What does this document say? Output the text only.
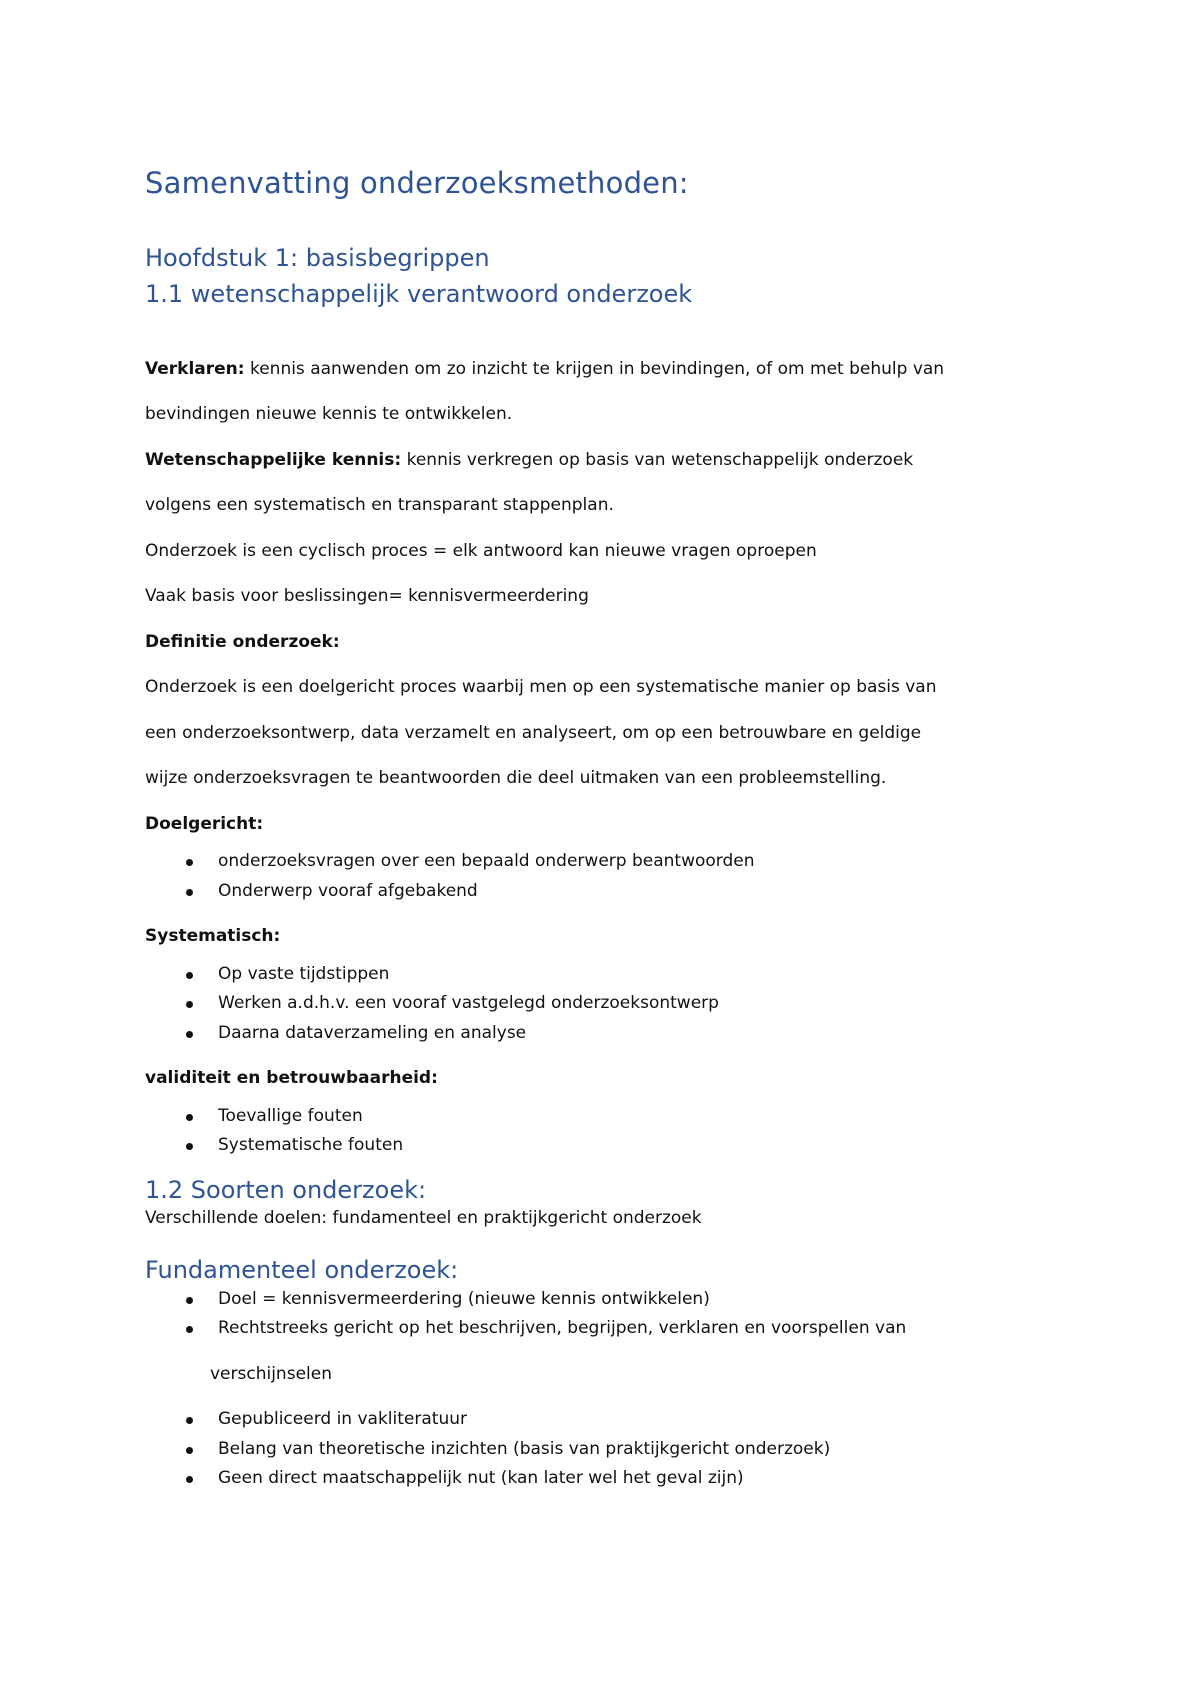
Samenvatting onderzoeksmethoden:
Hoofdstuk 1: basisbegrippen
1.1 wetenschappelijk verantwoord onderzoek

Verklaren: kennis aanwenden om zo inzicht te krijgen in bevindingen, of om met behulp van

bevindingen nieuwe kennis te ontwikkelen.

Wetenschappelijke kennis: kennis verkregen op basis van wetenschappelijk onderzoek

volgens een systematisch en transparant stappenplan.

Onderzoek is een cyclisch proces = elk antwoord kan nieuwe vragen oproepen

Vaak basis voor beslissingen= kennisvermeerdering

Definitie onderzoek:

Onderzoek is een doelgericht proces waarbij men op een systematische manier op basis van

een onderzoeksontwerp, data verzamelt en analyseert, om op een betrouwbare en geldige

wijze onderzoeksvragen te beantwoorden die deel uitmaken van een probleemstelling.

Doelgericht:

onderzoeksvragen over een bepaald onderwerp beantwoorden
Onderwerp vooraf afgebakend

Systematisch:

Op vaste tijdstippen
Werken a.d.h.v. een vooraf vastgelegd onderzoeksontwerp
Daarna dataverzameling en analyse

validiteit en betrouwbaarheid:

Toevallige fouten
Systematische fouten
1.2 Soorten onderzoek:

Verschillende doelen: fundamenteel en praktijkgericht onderzoek

Fundamenteel onderzoek:
Doel = kennisvermeerdering (nieuwe kennis ontwikkelen)
Rechtstreeks gericht op het beschrijven, begrijpen, verklaren en voorspellen van
verschijnselen
Gepubliceerd in vakliteratuur
Belang van theoretische inzichten (basis van praktijkgericht onderzoek)
Geen direct maatschappelijk nut (kan later wel het geval zijn)
